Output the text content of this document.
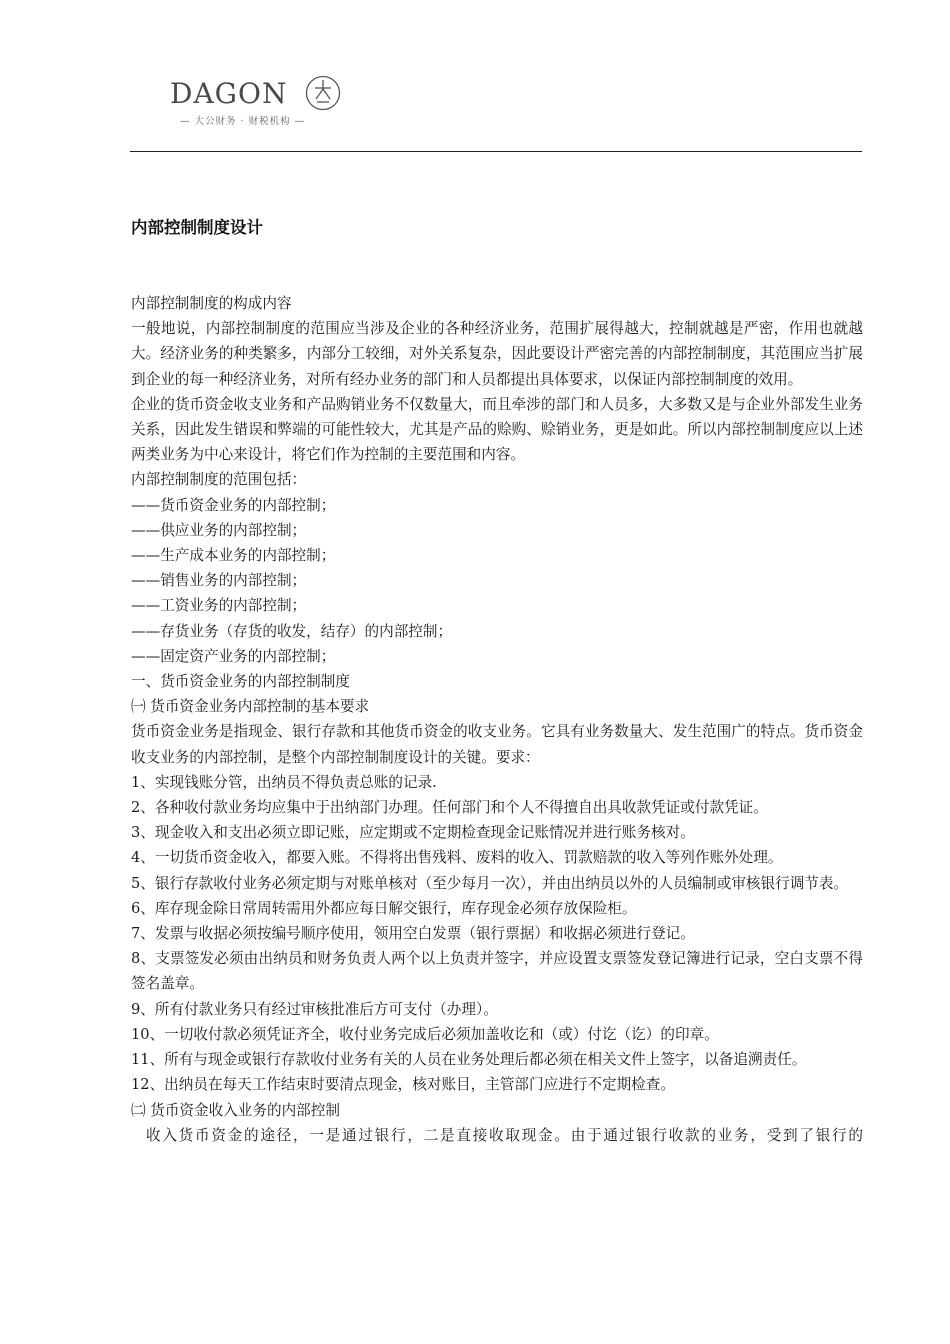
DAGON
— 大公财务 · 财税机构 —
内部控制制度设计

内部控制制度的构成内容

一般地说，内部控制制度的范围应当涉及企业的各种经济业务，范围扩展得越大，控制就越是严密，作用也就越大。经济业务的种类繁多，内部分工较细，对外关系复杂，因此要设计严密完善的内部控制制度，其范围应当扩展到企业的每一种经济业务，对所有经办业务的部门和人员都提出具体要求，以保证内部控制制度的效用。

企业的货币资金收支业务和产品购销业务不仅数量大，而且牵涉的部门和人员多，大多数又是与企业外部发生业务关系，因此发生错误和弊端的可能性较大，尤其是产品的赊购、赊销业务，更是如此。所以内部控制制度应以上述两类业务为中心来设计，将它们作为控制的主要范围和内容。

内部控制制度的范围包括：

——货币资金业务的内部控制；

——供应业务的内部控制；

——生产成本业务的内部控制；

——销售业务的内部控制；

——工资业务的内部控制；

——存货业务（存货的收发，结存）的内部控制；

——固定资产业务的内部控制；

一、货币资金业务的内部控制制度

㈠ 货币资金业务内部控制的基本要求

货币资金业务是指现金、银行存款和其他货币资金的收支业务。它具有业务数量大、发生范围广的特点。货币资金收支业务的内部控制，是整个内部控制制度设计的关键。要求：

1、实现钱账分管，出纳员不得负责总账的记录.

2、各种收付款业务均应集中于出纳部门办理。任何部门和个人不得擅自出具收款凭证或付款凭证。

3、现金收入和支出必须立即记账，应定期或不定期检查现金记账情况并进行账务核对。

4、一切货币资金收入，都要入账。不得将出售残料、废料的收入、罚款赔款的收入等列作账外处理。

5、银行存款收付业务必须定期与对账单核对（至少每月一次），并由出纳员以外的人员编制或审核银行调节表。

6、库存现金除日常周转需用外都应每日解交银行，库存现金必须存放保险柜。

7、发票与收据必须按编号顺序使用，领用空白发票（银行票据）和收据必须进行登记。

8、支票签发必须由出纳员和财务负责人两个以上负责并签字，并应设置支票签发登记簿进行记录，空白支票不得签名盖章。

9、所有付款业务只有经过审核批准后方可支付（办理）。

10、一切收付款必须凭证齐全，收付业务完成后必须加盖收讫和（或）付讫（讫）的印章。

11、所有与现金或银行存款收付业务有关的人员在业务处理后都必须在相关文件上签字，以备追溯责任。

12、出纳员在每天工作结束时要清点现金，核对账目，主管部门应进行不定期检查。

㈡ 货币资金收入业务的内部控制

收入货币资金的途径，一是通过银行，二是直接收取现金。由于通过银行收款的业务，受到了银行的
